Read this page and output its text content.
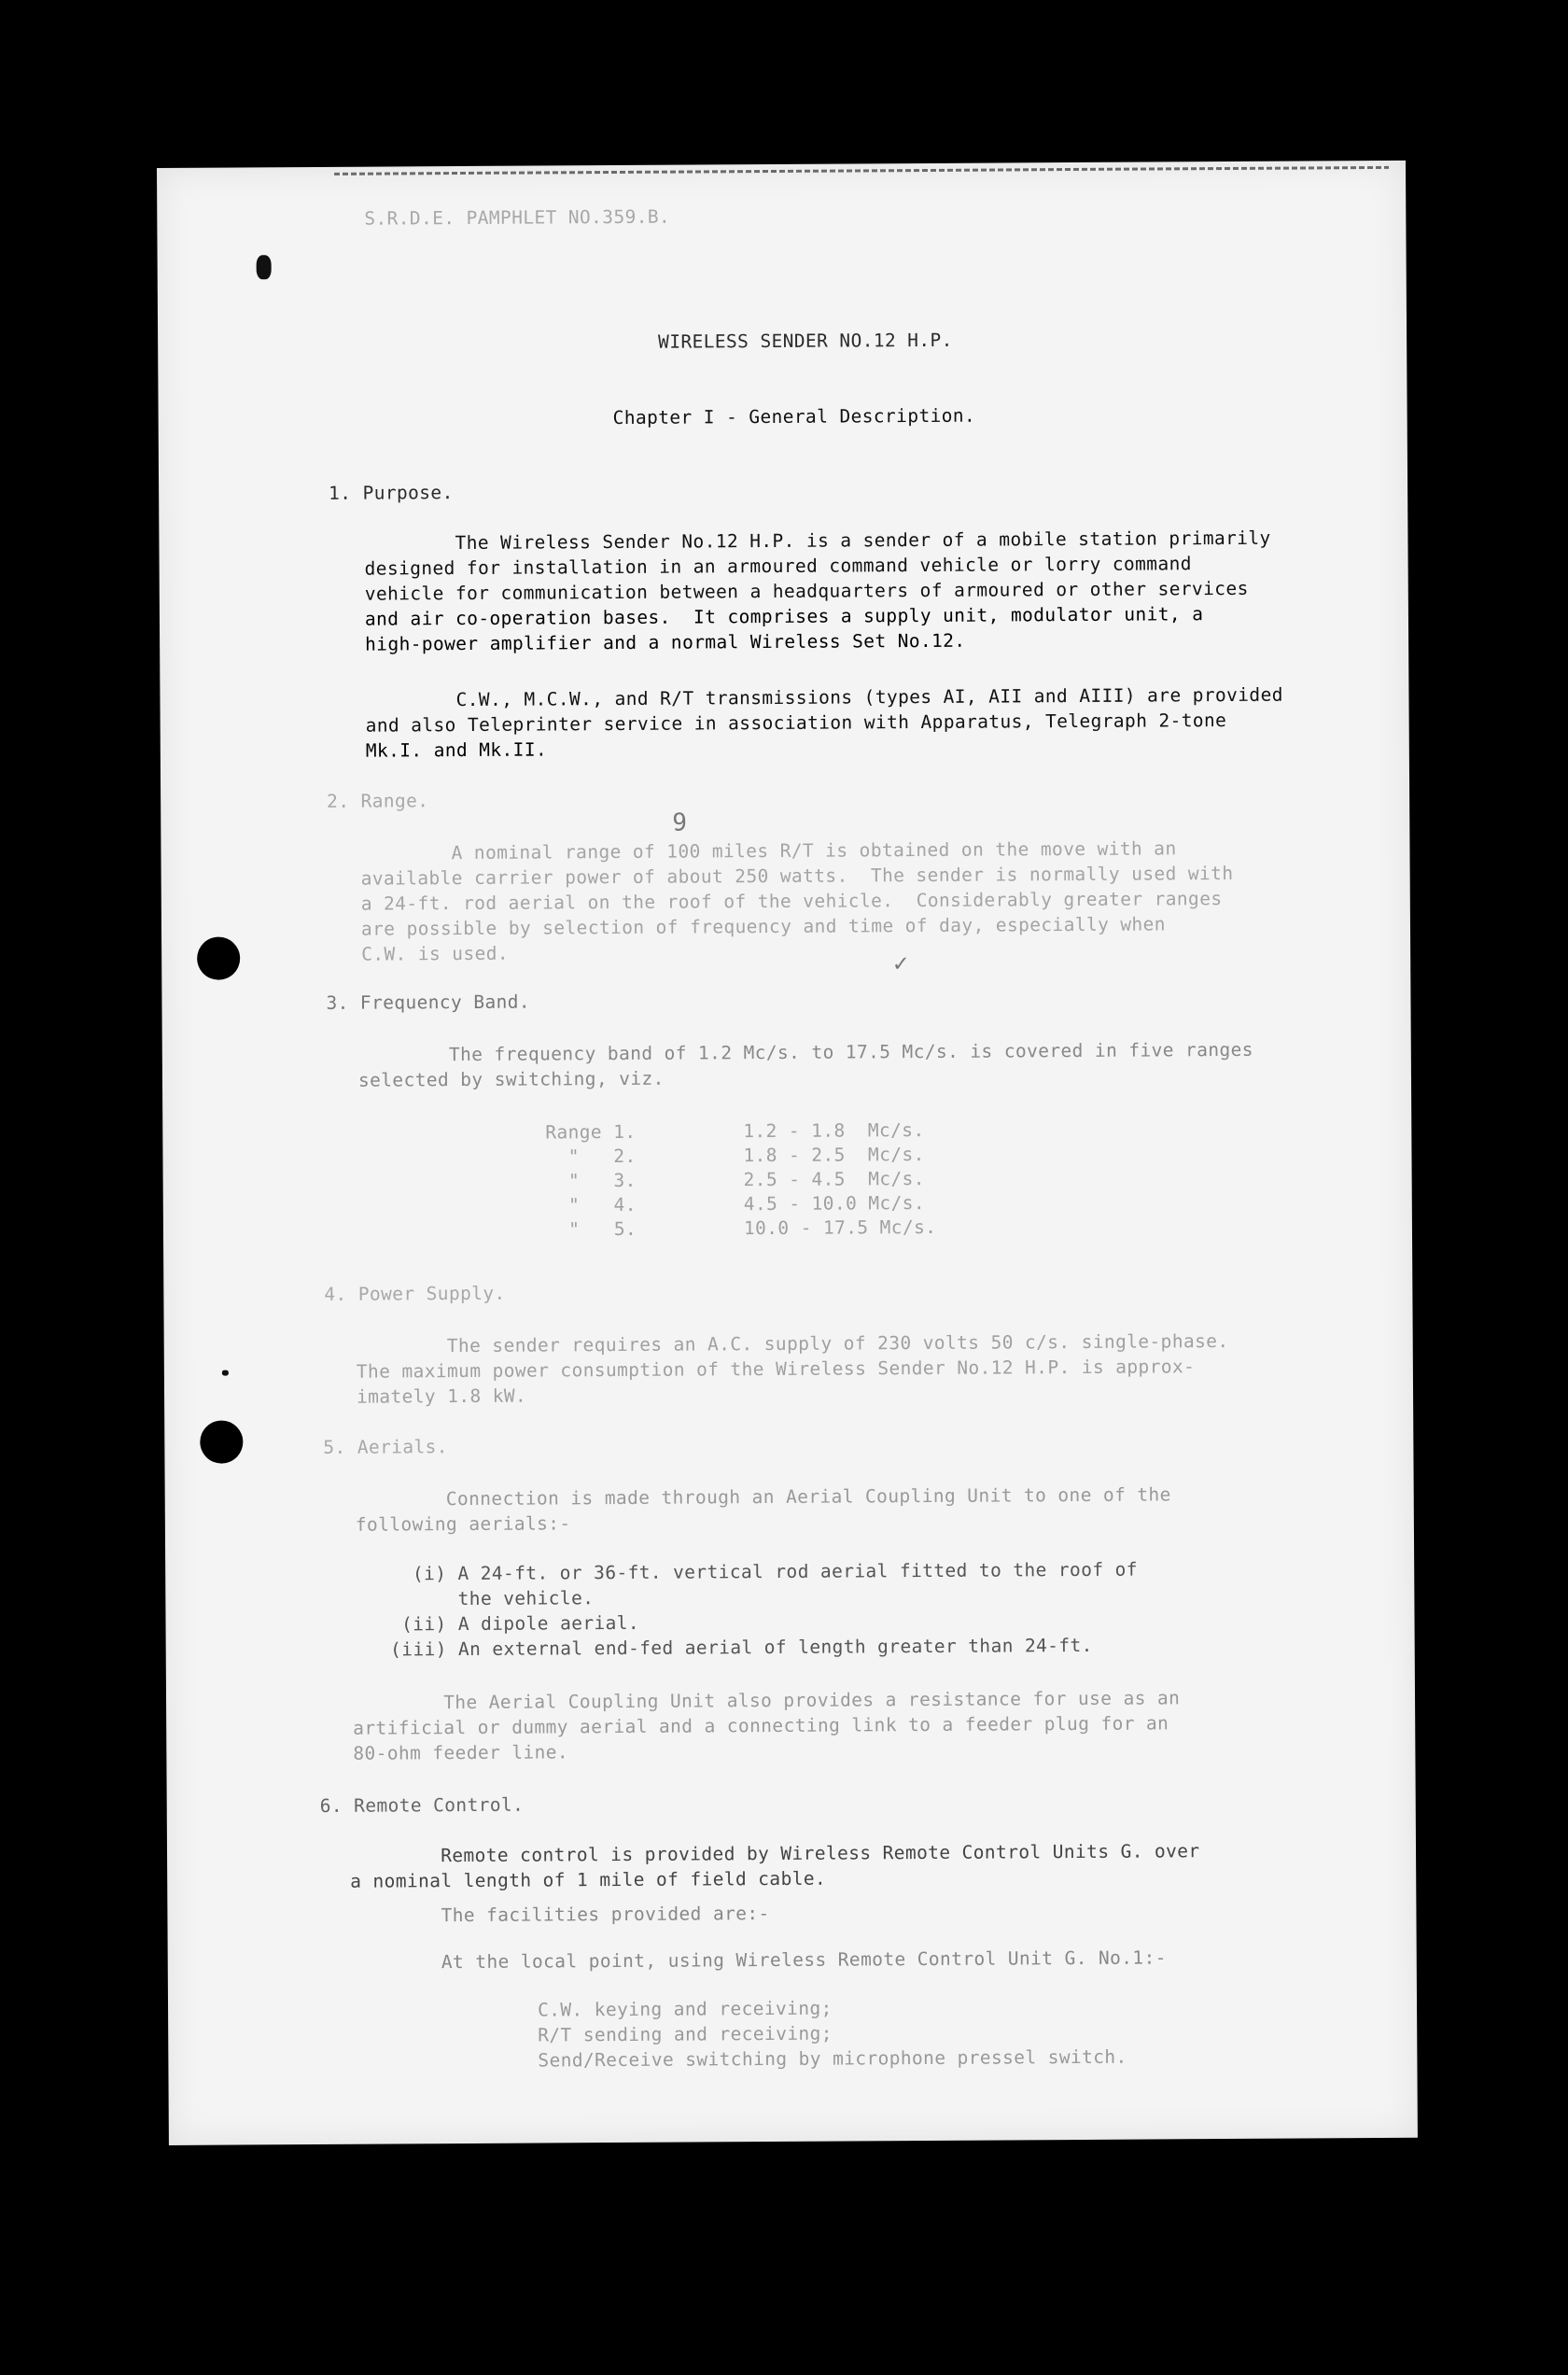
S.R.D.E. PAMPHLET NO.359.B.
WIRELESS SENDER NO.12 H.P.
Chapter I - General Description.
1. Purpose.
The Wireless Sender No.12 H.P. is a sender of a mobile station primarily
designed for installation in an armoured command vehicle or lorry command
vehicle for communication between a headquarters of armoured or other services
and air co-operation bases.  It comprises a supply unit, modulator unit, a
high-power amplifier and a normal Wireless Set No.12.
C.W., M.C.W., and R/T transmissions (types AI, AII and AIII) are provided
and also Teleprinter service in association with Apparatus, Telegraph 2-tone
Mk.I. and Mk.II.
2. Range.
A nominal range of 100 miles R/T is obtained on the move with an
available carrier power of about 250 watts.  The sender is normally used with
a 24-ft. rod aerial on the roof of the vehicle.  Considerably greater ranges
are possible by selection of frequency and time of day, especially when
C.W. is used.
9
✓
3. Frequency Band.
The frequency band of 1.2 Mc/s. to 17.5 Mc/s. is covered in five ranges
selected by switching, viz.
Range 1.	1.2 - 1.8  Mc/s.
"   2.	1.8 - 2.5  Mc/s.
"   3.	2.5 - 4.5  Mc/s.
"   4.	4.5 - 10.0 Mc/s.
"   5.	10.0 - 17.5 Mc/s.
4. Power Supply.
The sender requires an A.C. supply of 230 volts 50 c/s. single-phase.
The maximum power consumption of the Wireless Sender No.12 H.P. is approx-
imately 1.8 kW.
5. Aerials.
Connection is made through an Aerial Coupling Unit to one of the
following aerials:-
(i) A 24-ft. or 36-ft. vertical rod aerial fitted to the roof of
the vehicle.
(ii) A dipole aerial.
(iii) An external end-fed aerial of length greater than 24-ft.
The Aerial Coupling Unit also provides a resistance for use as an
artificial or dummy aerial and a connecting link to a feeder plug for an
80-ohm feeder line.
6. Remote Control.
Remote control is provided by Wireless Remote Control Units G. over
a nominal length of 1 mile of field cable.
The facilities provided are:-
At the local point, using Wireless Remote Control Unit G. No.1:-
C.W. keying and receiving;
R/T sending and receiving;
Send/Receive switching by microphone pressel switch.
